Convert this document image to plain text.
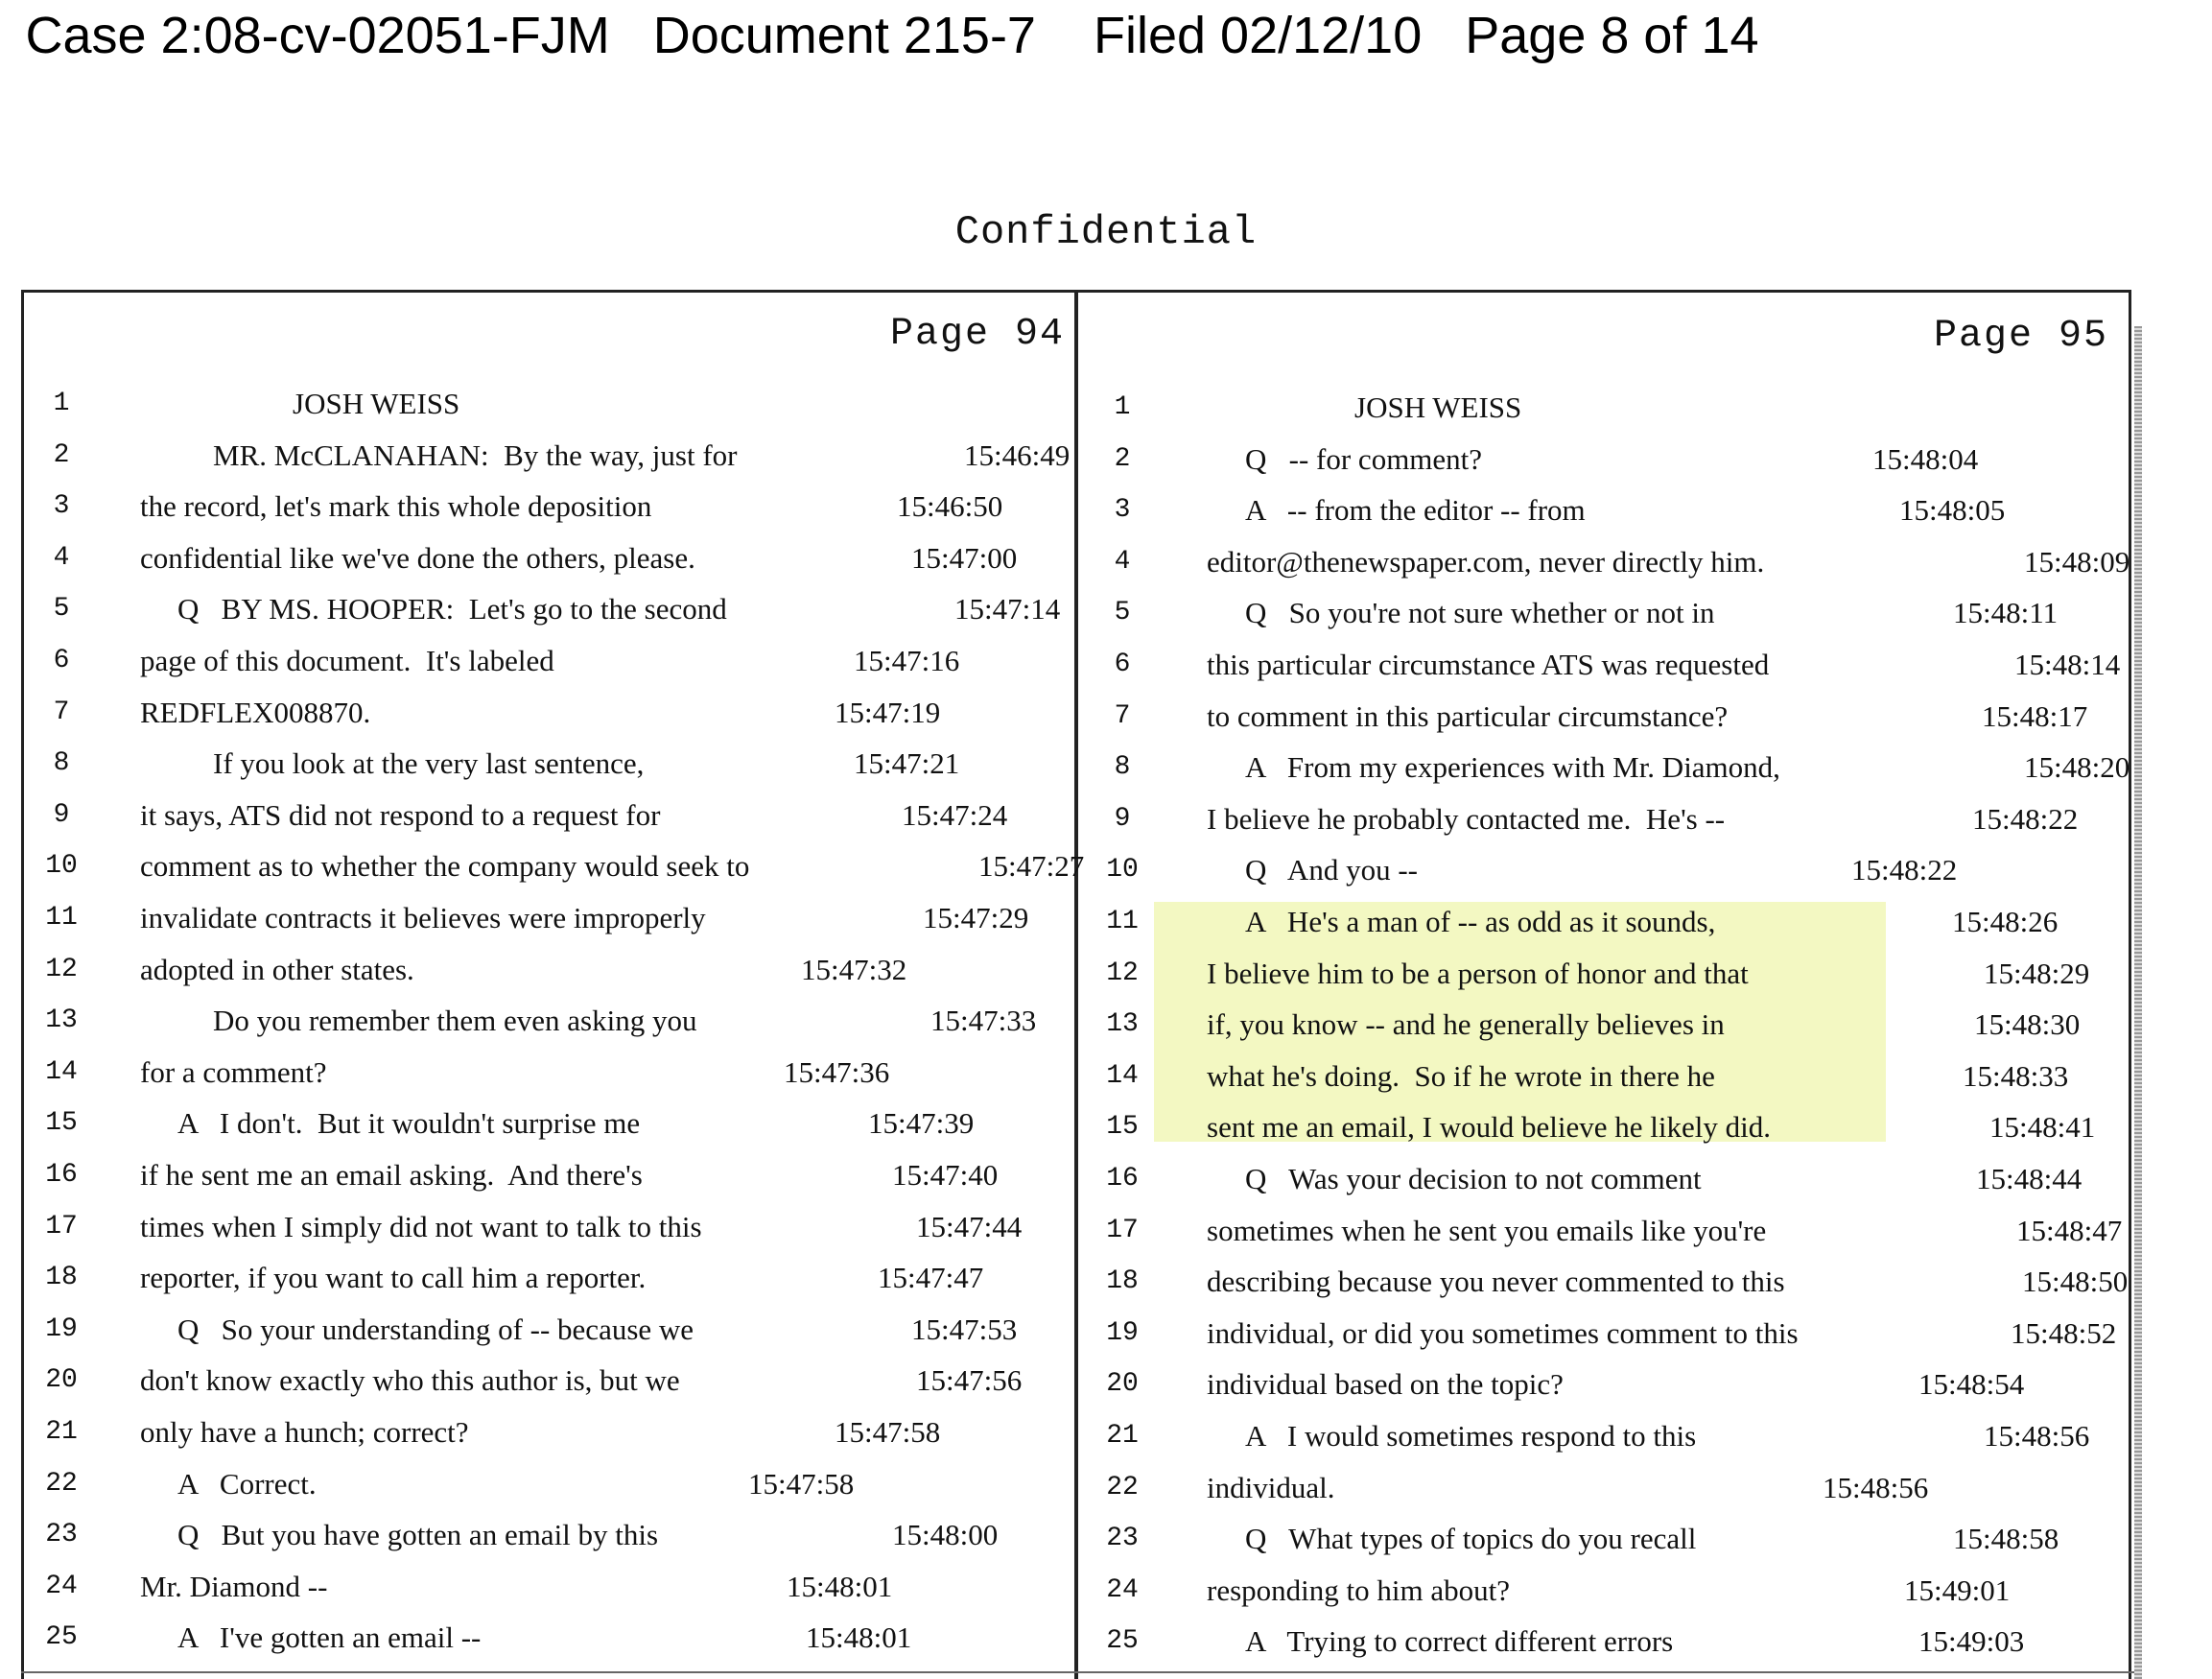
Case 2:08-cv-02051-FJM Document 215-7 Filed 02/12/10 Page 8 of 14
Confidential
Page 94	Page 95
1	JOSH WEISS
2	MR. McCLANAHAN:  By the way, just for	15:46:49
3	the record, let's mark this whole deposition	15:46:50
4	confidential like we've done the others, please.	15:47:00
5	Q   BY MS. HOOPER:  Let's go to the second	15:47:14
6	page of this document.  It's labeled	15:47:16
7	REDFLEX008870.	15:47:19
8	If you look at the very last sentence,	15:47:21
9	it says, ATS did not respond to a request for	15:47:24
10 comment as to whether the company would seek to	15:47:27
11 invalidate contracts it believes were improperly	15:47:29
12 adopted in other states.	15:47:32
13	Do you remember them even asking you	15:47:33
14 for a comment?	15:47:36
15	A   I don't.  But it wouldn't surprise me	15:47:39
16 if he sent me an email asking.  And there's	15:47:40
17 times when I simply did not want to talk to this	15:47:44
18 reporter, if you want to call him a reporter.	15:47:47
19	Q   So your understanding of -- because we	15:47:53
20 don't know exactly who this author is, but we	15:47:56
21 only have a hunch; correct?	15:47:58
22	A   Correct.	15:47:58
23	Q   But you have gotten an email by this	15:48:00
24 Mr. Diamond --	15:48:01
25	A   I've gotten an email --	15:48:01
1	JOSH WEISS
2	Q   -- for comment?	15:48:04
3	A   -- from the editor -- from	15:48:05
4	editor@thenewspaper.com, never directly him.	15:48:09
5	Q   So you're not sure whether or not in	15:48:11
6	this particular circumstance ATS was requested	15:48:14
7	to comment in this particular circumstance?	15:48:17
8	A   From my experiences with Mr. Diamond,	15:48:20
9	I believe he probably contacted me.  He's --	15:48:22
10	Q   And you --	15:48:22
11	A   He's a man of -- as odd as it sounds,	15:48:26
12 I believe him to be a person of honor and that	15:48:29
13 if, you know -- and he generally believes in	15:48:30
14 what he's doing.  So if he wrote in there he	15:48:33
15 sent me an email, I would believe he likely did.	15:48:41
16	Q   Was your decision to not comment	15:48:44
17 sometimes when he sent you emails like you're	15:48:47
18 describing because you never commented to this	15:48:50
19 individual, or did you sometimes comment to this	15:48:52
20 individual based on the topic?	15:48:54
21	A   I would sometimes respond to this	15:48:56
22 individual.	15:48:56
23	Q   What types of topics do you recall	15:48:58
24 responding to him about?	15:49:01
25	A   Trying to correct different errors	15:49:03
